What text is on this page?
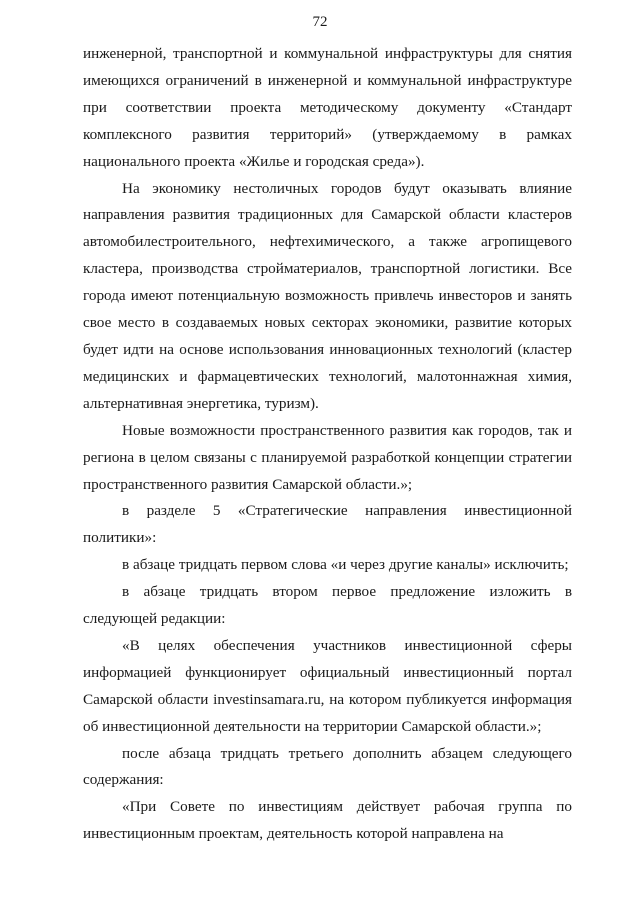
72

инженерной, транспортной и коммунальной инфраструктуры для снятия имеющихся ограничений в инженерной и коммунальной инфраструктуре при соответствии проекта методическому документу «Стандарт комплексного развития территорий» (утверждаемому в рамках национального проекта «Жилье и городская среда»).

На экономику нестоличных городов будут оказывать влияние направления развития традиционных для Самарской области кластеров автомобилестроительного, нефтехимического, а также агропищевого кластера, производства стройматериалов, транспортной логистики. Все города имеют потенциальную возможность привлечь инвесторов и занять свое место в создаваемых новых секторах экономики, развитие которых будет идти на основе использования инновационных технологий (кластер медицинских и фармацевтических технологий, малотоннажная химия, альтернативная энергетика, туризм).

Новые возможности пространственного развития как городов, так и региона в целом связаны с планируемой разработкой концепции стратегии пространственного развития Самарской области.»;

в разделе 5 «Стратегические направления инвестиционной политики»:

в абзаце тридцать первом слова «и через другие каналы» исключить;

в абзаце тридцать втором первое предложение изложить в следующей редакции:

«В целях обеспечения участников инвестиционной сферы информацией функционирует официальный инвестиционный портал Самарской области investinsamara.ru, на котором публикуется информация об инвестиционной деятельности на территории Самарской области.»;

после абзаца тридцать третьего дополнить абзацем следующего содержания:

«При Совете по инвестициям действует рабочая группа по инвестиционным проектам, деятельность которой направлена на
